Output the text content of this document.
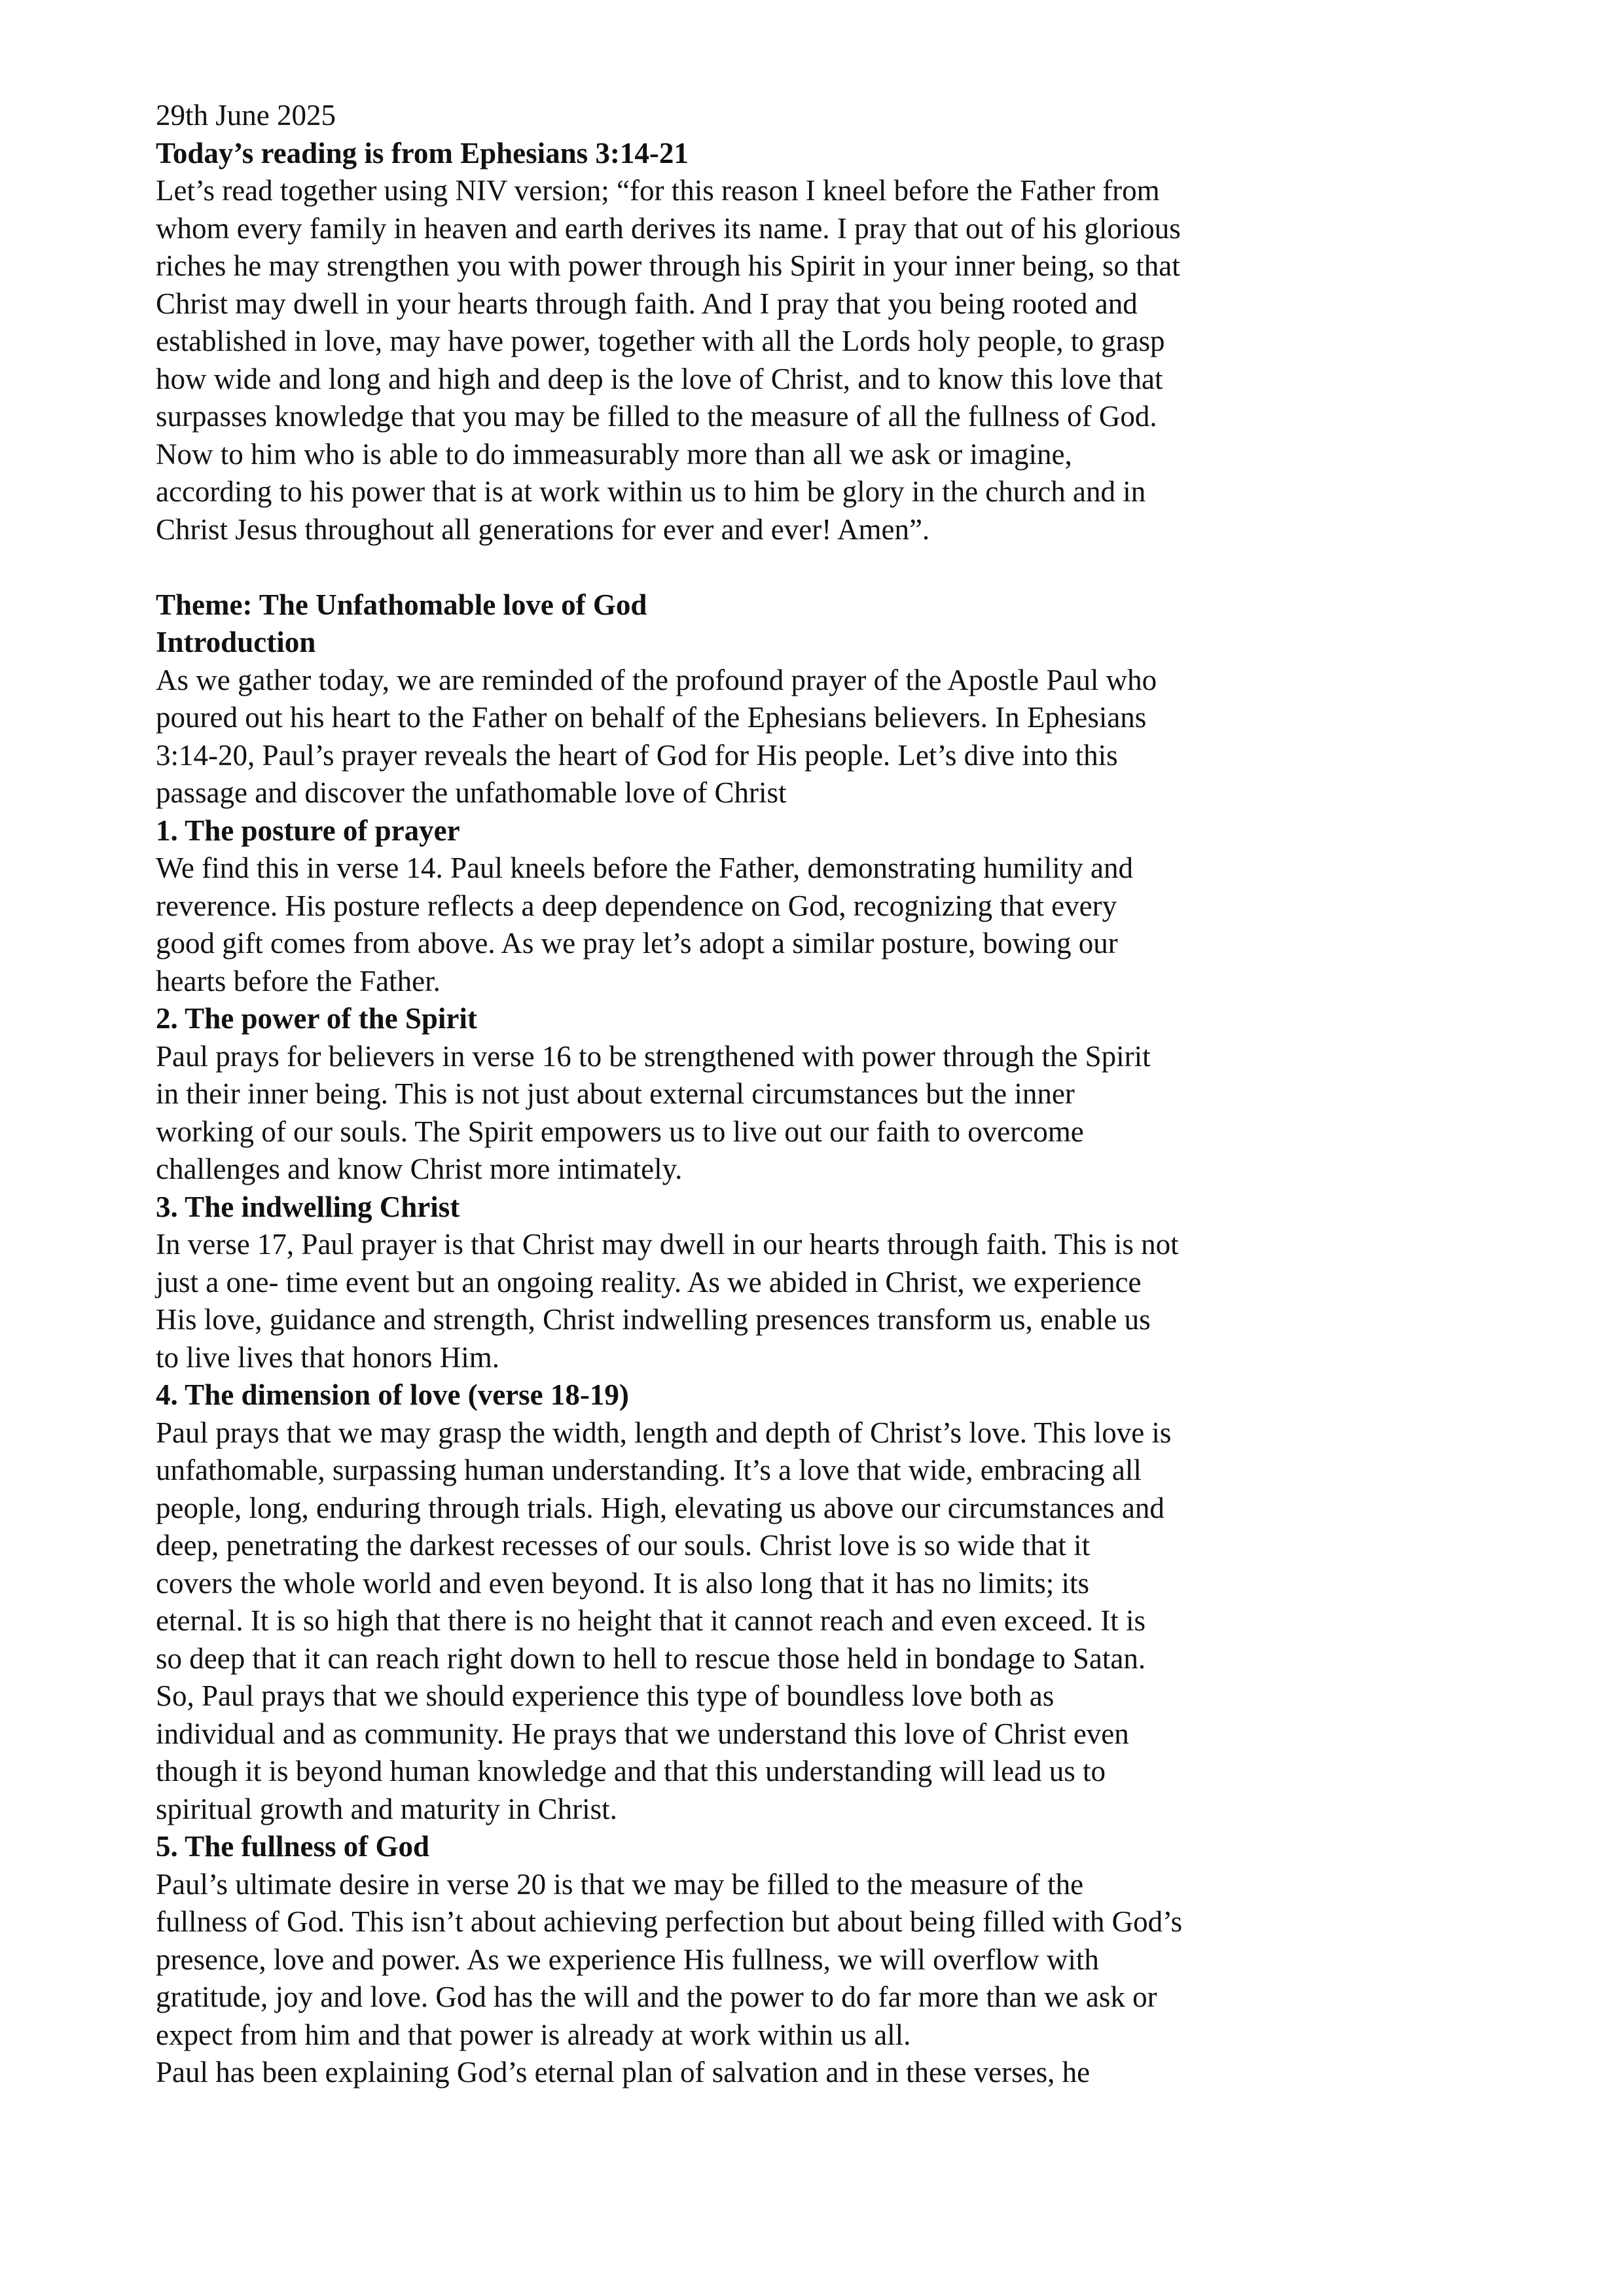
29th June 2025
Today’s reading is from Ephesians 3:14-21
Let’s read together using NIV version; “for this reason I kneel before the Father from
whom every family in heaven and earth derives its name. I pray that out of his glorious
riches he may strengthen you with power through his Spirit in your inner being, so that
Christ may dwell in your hearts through faith. And I pray that you being rooted and
established in love, may have power, together with all the Lords holy people, to grasp
how wide and long and high and deep is the love of Christ, and to know this love that
surpasses knowledge that you may be filled to the measure of all the fullness of God.
Now to him who is able to do immeasurably more than all we ask or imagine,
according to his power that is at work within us to him be glory in the church and in
Christ Jesus throughout all generations for ever and ever! Amen”.
Theme: The Unfathomable love of God
Introduction
As we gather today, we are reminded of the profound prayer of the Apostle Paul who
poured out his heart to the Father on behalf of the Ephesians believers. In Ephesians
3:14-20, Paul’s prayer reveals the heart of God for His people. Let’s dive into this
passage and discover the unfathomable love of Christ
1. The posture of prayer
We find this in verse 14. Paul kneels before the Father, demonstrating humility and
reverence. His posture reflects a deep dependence on God, recognizing that every
good gift comes from above. As we pray let’s adopt a similar posture, bowing our
hearts before the Father.
2. The power of the Spirit
Paul prays for believers in verse 16 to be strengthened with power through the Spirit
in their inner being. This is not just about external circumstances but the inner
working of our souls. The Spirit empowers us to live out our faith to overcome
challenges and know Christ more intimately.
3. The indwelling Christ
In verse 17, Paul prayer is that Christ may dwell in our hearts through faith. This is not
just a one- time event but an ongoing reality. As we abided in Christ, we experience
His love, guidance and strength, Christ indwelling presences transform us, enable us
to live lives that honors Him.
4. The dimension of love (verse 18-19)
Paul prays that we may grasp the width, length and depth of Christ’s love. This love is
unfathomable, surpassing human understanding. It’s a love that wide, embracing all
people, long, enduring through trials. High, elevating us above our circumstances and
deep, penetrating the darkest recesses of our souls. Christ love is so wide that it
covers the whole world and even beyond. It is also long that it has no limits; its
eternal. It is so high that there is no height that it cannot reach and even exceed. It is
so deep that it can reach right down to hell to rescue those held in bondage to Satan.
So, Paul prays that we should experience this type of boundless love both as
individual and as community. He prays that we understand this love of Christ even
though it is beyond human knowledge and that this understanding will lead us to
spiritual growth and maturity in Christ.
5. The fullness of God
Paul’s ultimate desire in verse 20 is that we may be filled to the measure of the
fullness of God. This isn’t about achieving perfection but about being filled with God’s
presence, love and power. As we experience His fullness, we will overflow with
gratitude, joy and love. God has the will and the power to do far more than we ask or
expect from him and that power is already at work within us all.
Paul has been explaining God’s eternal plan of salvation and in these verses, he
